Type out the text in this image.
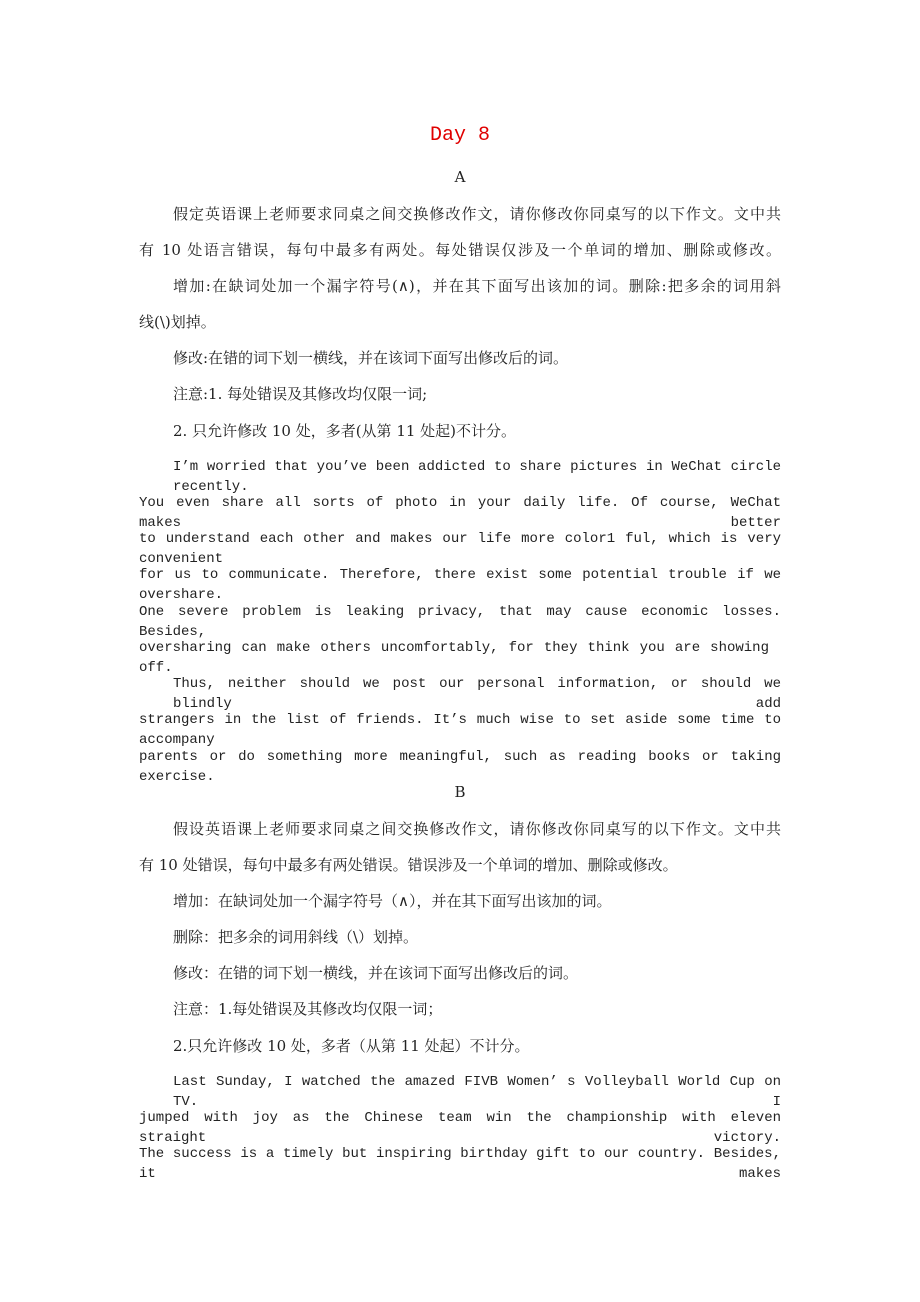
Day 8
A
假定英语课上老师要求同桌之间交换修改作文，请你修改你同桌写的以下作文。文中共
有 10 处语言错误，每句中最多有两处。每处错误仅涉及一个单词的增加、删除或修改。
增加:在缺词处加一个漏字符号(∧)，并在其下面写出该加的词。删除:把多余的词用斜
线(\)划掉。
修改:在错的词下划一横线，并在该词下面写出修改后的词。
注意:1. 每处错误及其修改均仅限一词;
2. 只允许修改 10 处，多者(从第 11 处起)不计分。
I’m worried that you’ve been addicted to share pictures in WeChat circle recently.
You even share all sorts of photo in your daily life. Of course, WeChat makes better
to understand each other and makes our life more color1 ful, which is very convenient
for us to communicate. Therefore, there exist some potential trouble if we overshare.
One severe problem is leaking privacy, that may cause economic losses. Besides,
oversharing can make others uncomfortably, for they think you are showing off.
Thus, neither should we post our personal information, or should we blindly add
strangers in the list of friends. It’s much wise to set aside some time to accompany
parents or do something more meaningful, such as reading books or taking exercise.
B
假设英语课上老师要求同桌之间交换修改作文，请你修改你同桌写的以下作文。文中共
有 10 处错误，每句中最多有两处错误。错误涉及一个单词的增加、删除或修改。
增加：在缺词处加一个漏字符号（∧），并在其下面写出该加的词。
删除：把多余的词用斜线（\）划掉。
修改：在错的词下划一横线，并在该词下面写出修改后的词。
注意：1.每处错误及其修改均仅限一词；
2.只允许修改 10 处，多者（从第 11 处起）不计分。
Last Sunday, I watched the amazed FIVB Women’ s Volleyball World Cup on TV. I
jumped with joy as the Chinese team win the championship with eleven straight victory.
The success is a timely but inspiring birthday gift to our country. Besides, it makes
